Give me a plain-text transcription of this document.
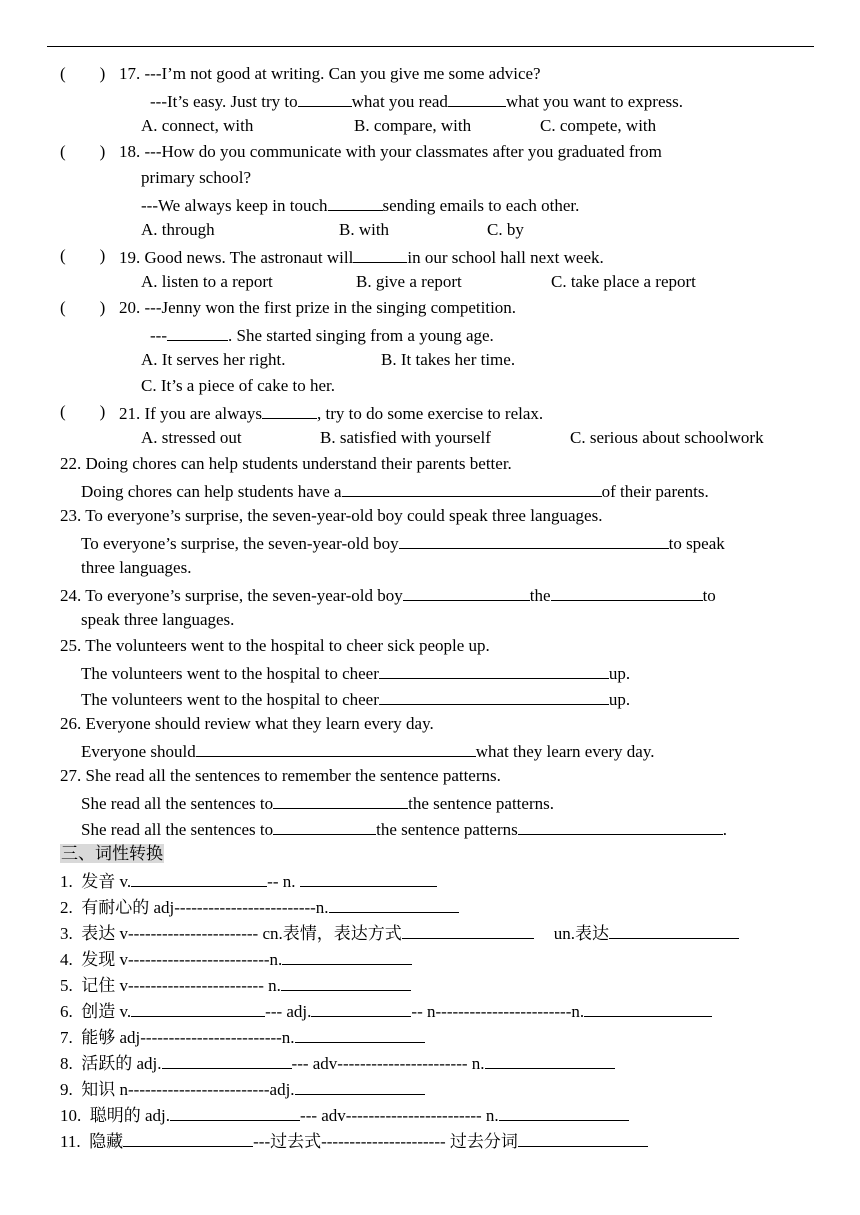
(        ) 17. ---I’m not good at writing. Can you give me some advice?
---It’s easy. Just try to	what you read	what you want to express.
A. connect, with	B. compare, with	C. compete, with
(        ) 18. ---How do you communicate with your classmates after you graduated from
primary school?
---We always keep in touch	sending emails to each other.
A. through	B. with	C. by
(        ) 19. Good news. The astronaut will	in our school hall next week.
A. listen to a report	B. give a report	C. take place a report
(        ) 20. ---Jenny won the first prize in the singing competition.
---	. She started singing from a young age.
A. It serves her right.	B. It takes her time.
C. It’s a piece of cake to her.
(        ) 21. If you are always	, try to do some exercise to relax.
A. stressed out	B. satisfied with yourself	C. serious about schoolwork
22. Doing chores can help students understand their parents better.
Doing chores can help students have a	of their parents.
23. To everyone’s surprise, the seven-year-old boy could speak three languages.
To everyone’s surprise, the seven-year-old boy	to speak
three languages.
24. To everyone’s surprise, the seven-year-old boy	the	to
speak three languages.
25. The volunteers went to the hospital to cheer sick people up.
The volunteers went to the hospital to cheer	up.
The volunteers went to the hospital to cheer	up.
26. Everyone should review what they learn every day.
Everyone should	what they learn every day.
27. She read all the sentences to remember the sentence patterns.
She read all the sentences to	the sentence patterns.
She read all the sentences to	the sentence patterns	.
三、词性转换
1.  发音 v.	-- n.
2.  有耐心的 adj-------------------------n.
3.  表达 v----------------------- cn.表情，表达方式	un.表达
4.  发现 v-------------------------n.
5.  记住 v------------------------ n.
6.  创造 v.	--- adj.	-- n------------------------n.
7.  能够 adj-------------------------n.
8.  活跃的 adj.	--- adv----------------------- n.
9.  知识 n-------------------------adj.
10.  聪明的 adj.	--- adv------------------------ n.
11.  隐藏	---过去式---------------------- 过去分词
